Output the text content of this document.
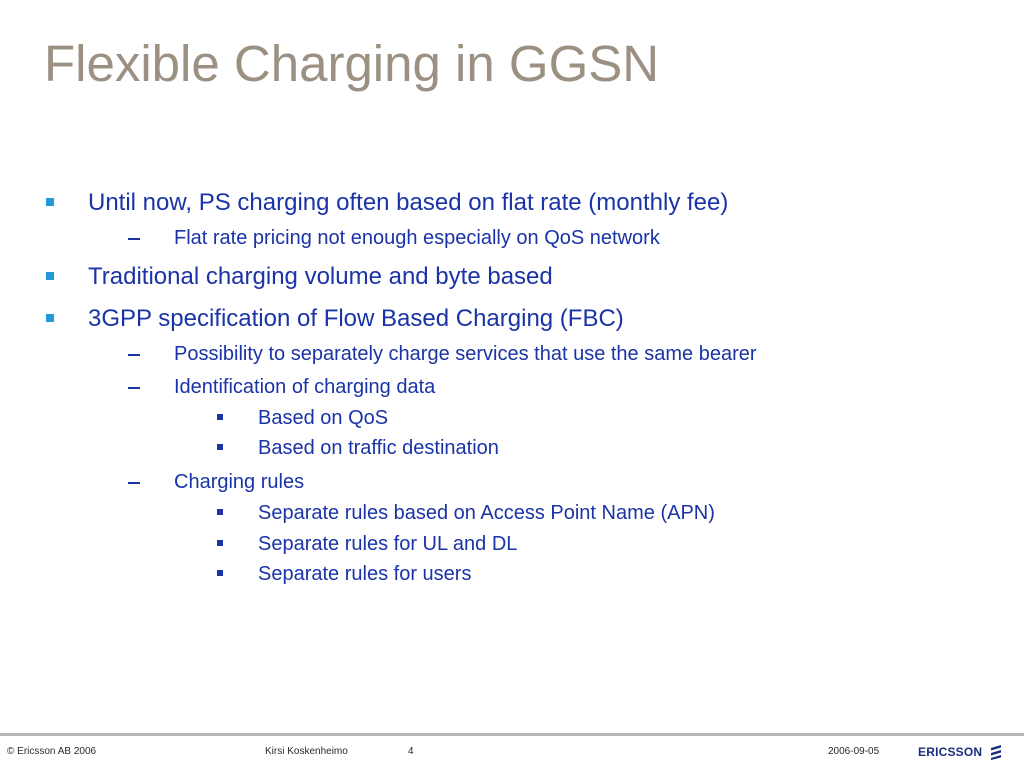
Flexible Charging in GGSN
Until now, PS charging often based on flat rate (monthly fee)
Flat rate pricing not enough especially on QoS network
Traditional charging volume and byte based
3GPP specification of Flow Based Charging (FBC)
Possibility to separately charge services that use the same bearer
Identification of charging data
Based on QoS
Based on traffic destination
Charging rules
Separate rules based on Access Point Name (APN)
Separate rules for UL and DL
Separate rules for users
© Ericsson AB 2006	Kirsi Koskenheimo	4	2006-09-05	ERICSSON
